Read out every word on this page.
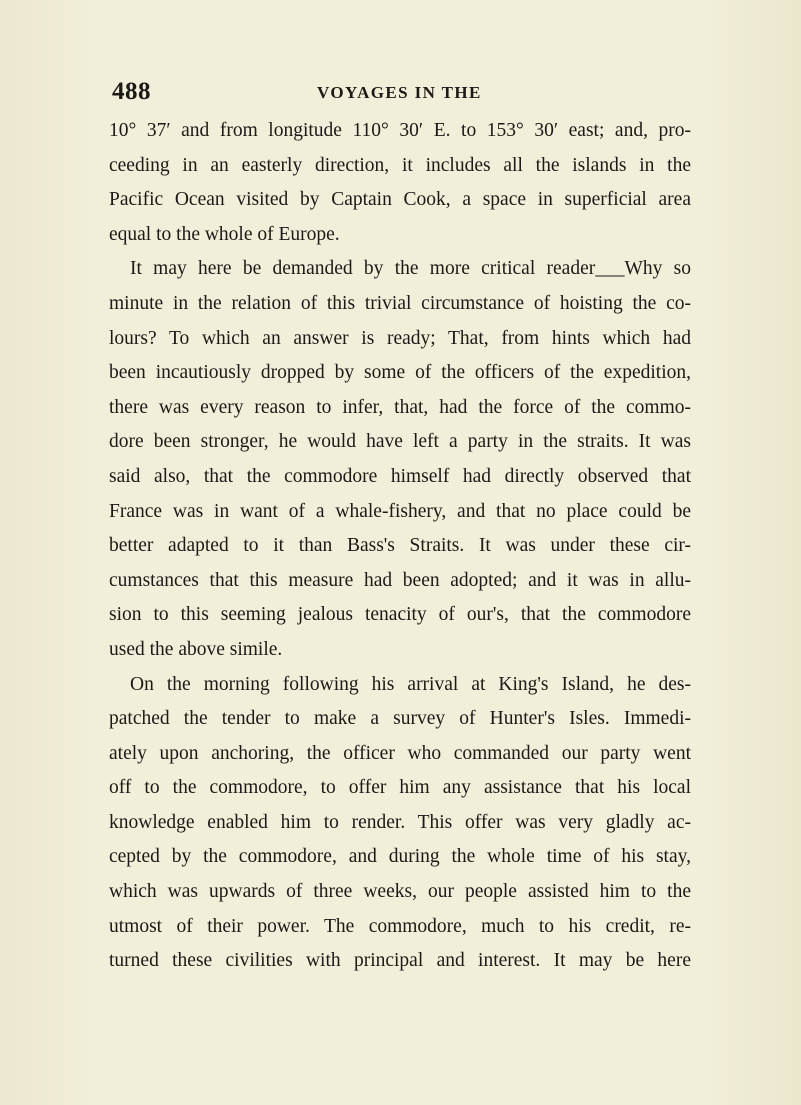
488	VOYAGES IN THE
10° 37′ and from longitude 110° 30′ E. to 153° 30′ east; and, pro-
ceeding in an easterly direction, it includes all the islands in the
Pacific Ocean visited by Captain Cook, a space in superficial area
equal to the whole of Europe.
It may here be demanded by the more critical reader___Why so
minute in the relation of this trivial circumstance of hoisting the co-
lours? To which an answer is ready; That, from hints which had
been incautiously dropped by some of the officers of the expedition,
there was every reason to infer, that, had the force of the commo-
dore been stronger, he would have left a party in the straits. It was
said also, that the commodore himself had directly observed that
France was in want of a whale-fishery, and that no place could be
better adapted to it than Bass's Straits. It was under these cir-
cumstances that this measure had been adopted; and it was in allu-
sion to this seeming jealous tenacity of our's, that the commodore
used the above simile.
On the morning following his arrival at King's Island, he des-
patched the tender to make a survey of Hunter's Isles. Immedi-
ately upon anchoring, the officer who commanded our party went
off to the commodore, to offer him any assistance that his local
knowledge enabled him to render. This offer was very gladly ac-
cepted by the commodore, and during the whole time of his stay,
which was upwards of three weeks, our people assisted him to the
utmost of their power. The commodore, much to his credit, re-
turned these civilities with principal and interest. It may be here
